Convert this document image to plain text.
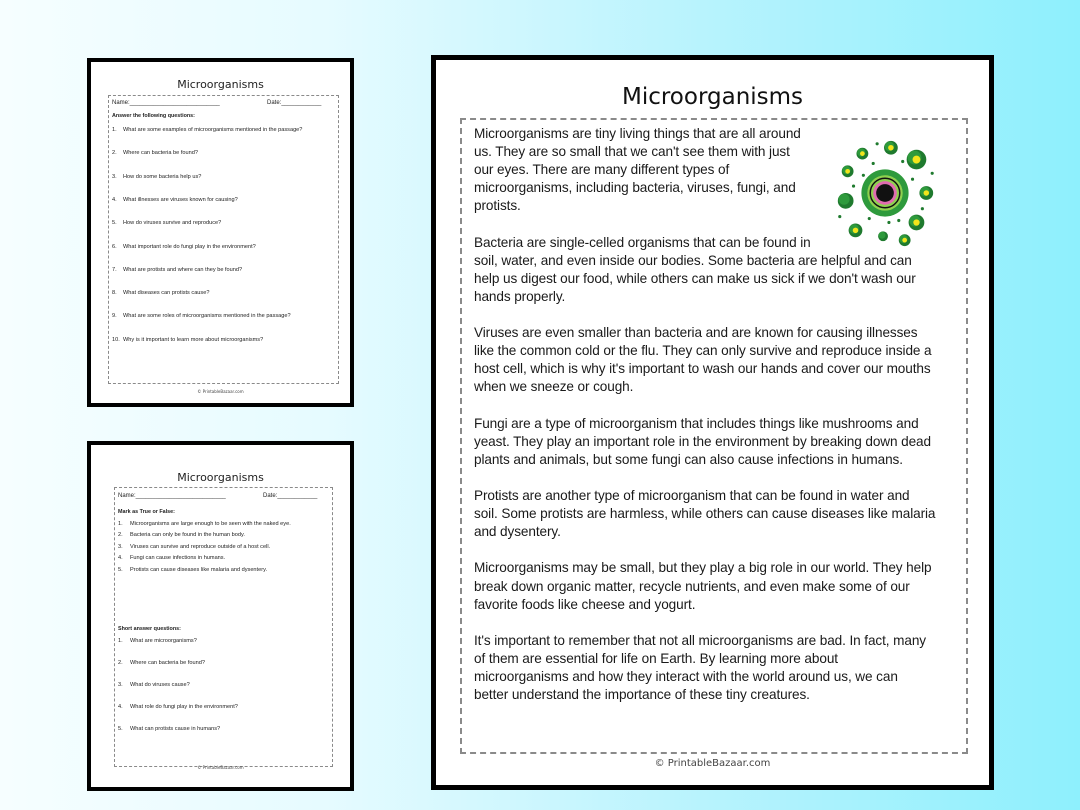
Microorganisms
Name:___________________________	Date:____________
Answer the following questions:
1. What are some examples of microorganisms mentioned in the passage?
2. Where can bacteria be found?
3. How do some bacteria help us?
4. What illnesses are viruses known for causing?
5. How do viruses survive and reproduce?
6. What important role do fungi play in the environment?
7. What are protists and where can they be found?
8. What diseases can protists cause?
9. What are some roles of microorganisms mentioned in the passage?
10. Why is it important to learn more about microorganisms?
© PrintableBazaar.com
Microorganisms
Name:___________________________	Date:____________
Mark as True or False:
1. Microorganisms are large enough to be seen with the naked eye.
2. Bacteria can only be found in the human body.
3. Viruses can survive and reproduce outside of a host cell.
4. Fungi can cause infections in humans.
5. Protists can cause diseases like malaria and dysentery.
Short answer questions:
1. What are microorganisms?
2. Where can bacteria be found?
3. What do viruses cause?
4. What role do fungi play in the environment?
5. What can protists cause in humans?
© PrintableBazaar.com
Microorganisms
Microorganisms are tiny living things that are all around
us. They are so small that we can't see them with just
our eyes. There are many different types of
microorganisms, including bacteria, viruses, fungi, and
protists.
Bacteria are single-celled organisms that can be found in
soil, water, and even inside our bodies. Some bacteria are helpful and can
help us digest our food, while others can make us sick if we don't wash our
hands properly.
Viruses are even smaller than bacteria and are known for causing illnesses
like the common cold or the flu. They can only survive and reproduce inside a
host cell, which is why it's important to wash our hands and cover our mouths
when we sneeze or cough.
Fungi are a type of microorganism that includes things like mushrooms and
yeast. They play an important role in the environment by breaking down dead
plants and animals, but some fungi can also cause infections in humans.
Protists are another type of microorganism that can be found in water and
soil. Some protists are harmless, while others can cause diseases like malaria
and dysentery.
Microorganisms may be small, but they play a big role in our world. They help
break down organic matter, recycle nutrients, and even make some of our
favorite foods like cheese and yogurt.
It's important to remember that not all microorganisms are bad. In fact, many
of them are essential for life on Earth. By learning more about
microorganisms and how they interact with the world around us, we can
better understand the importance of these tiny creatures.
© PrintableBazaar.com
